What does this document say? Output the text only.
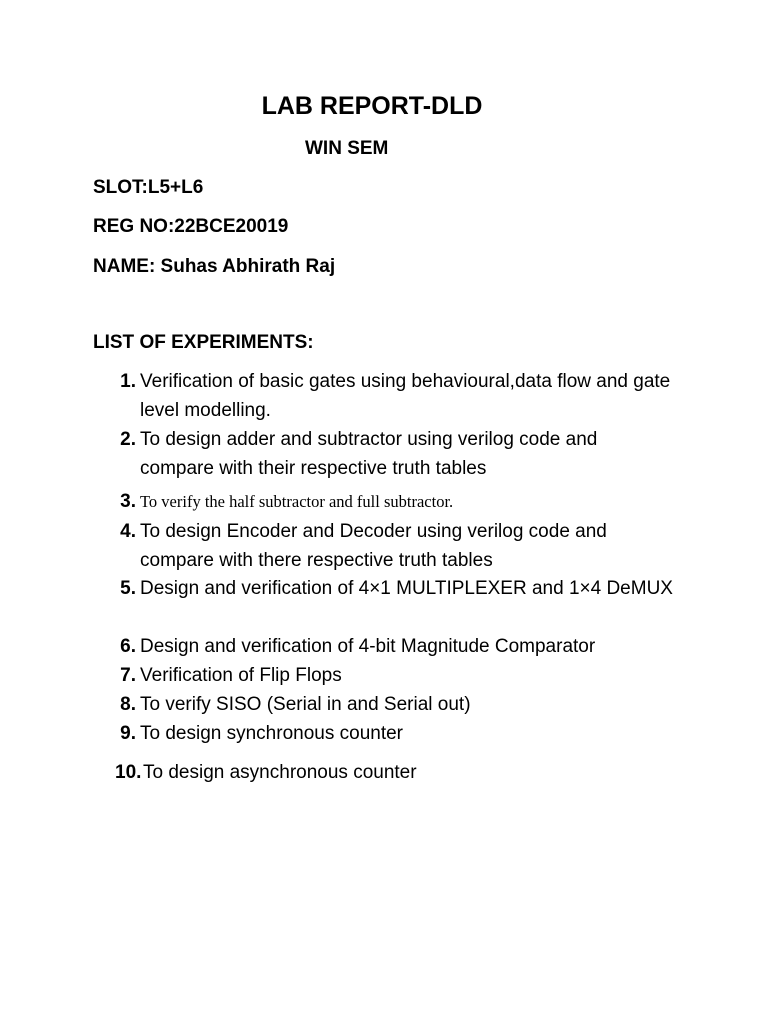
LAB REPORT-DLD
WIN SEM
SLOT:L5+L6
REG NO:22BCE20019
NAME: Suhas Abhirath Raj
LIST OF EXPERIMENTS:
1. Verification of basic gates using behavioural,data flow and gate level modelling.
2. To design adder and subtractor using verilog code and compare with their respective truth tables
3. To verify the half subtractor and full subtractor.
4. To design Encoder and Decoder using verilog code and compare with there respective truth tables
5. Design and verification of 4×1 MULTIPLEXER and 1×4 DeMUX
6. Design and verification of 4-bit Magnitude Comparator
7. Verification of Flip Flops
8. To verify SISO (Serial in and Serial out)
9. To design synchronous counter
10. To design asynchronous counter
